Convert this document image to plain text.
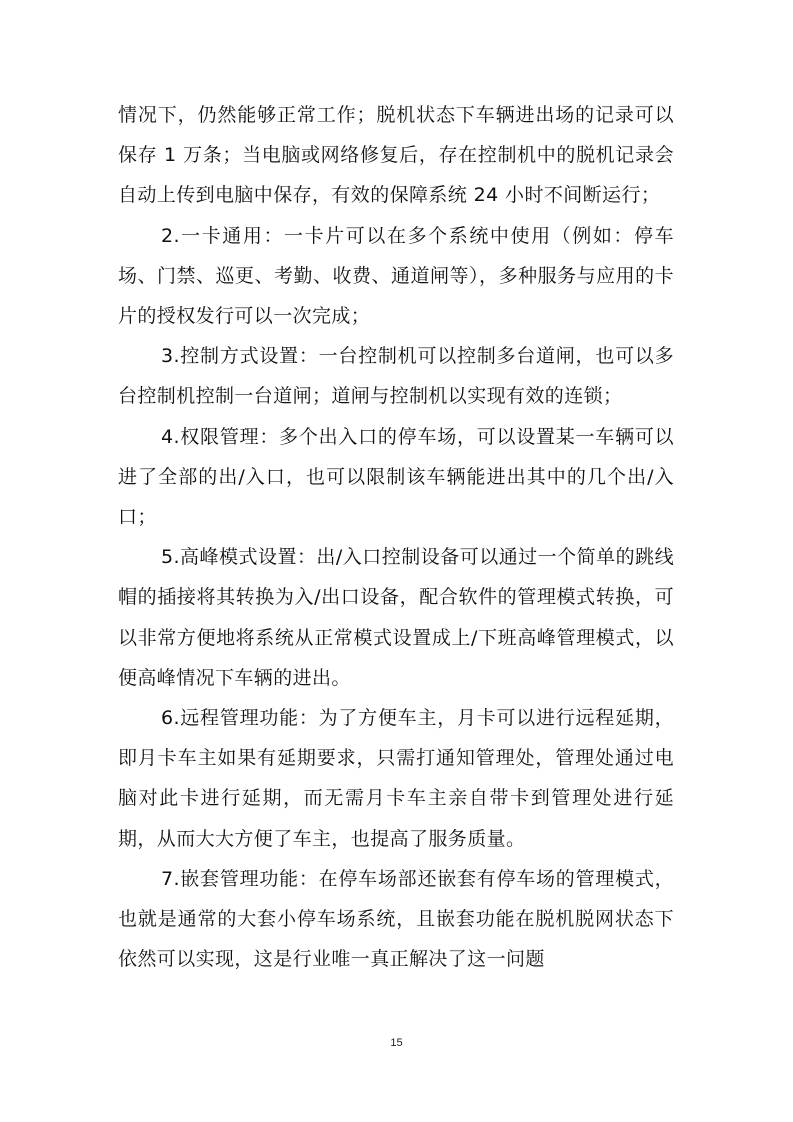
情况下，仍然能够正常工作；脱机状态下车辆进出场的记录可以保存 1 万条；当电脑或网络修复后，存在控制机中的脱机记录会自动上传到电脑中保存，有效的保障系统 24 小时不间断运行；

2.一卡通用：一卡片可以在多个系统中使用（例如：停车场、门禁、巡更、考勤、收费、通道闸等），多种服务与应用的卡片的授权发行可以一次完成；

3.控制方式设置：一台控制机可以控制多台道闸，也可以多台控制机控制一台道闸；道闸与控制机以实现有效的连锁；

4.权限管理：多个出入口的停车场，可以设置某一车辆可以进了全部的出/入口，也可以限制该车辆能进出其中的几个出/入口；

5.高峰模式设置：出/入口控制设备可以通过一个简单的跳线帽的插接将其转换为入/出口设备，配合软件的管理模式转换，可以非常方便地将系统从正常模式设置成上/下班高峰管理模式，以便高峰情况下车辆的进出。

6.远程管理功能：为了方便车主，月卡可以进行远程延期，即月卡车主如果有延期要求，只需打通知管理处，管理处通过电脑对此卡进行延期，而无需月卡车主亲自带卡到管理处进行延期，从而大大方便了车主，也提高了服务质量。

7.嵌套管理功能：在停车场部还嵌套有停车场的管理模式，也就是通常的大套小停车场系统，且嵌套功能在脱机脱网状态下依然可以实现，这是行业唯一真正解决了这一问题

15
